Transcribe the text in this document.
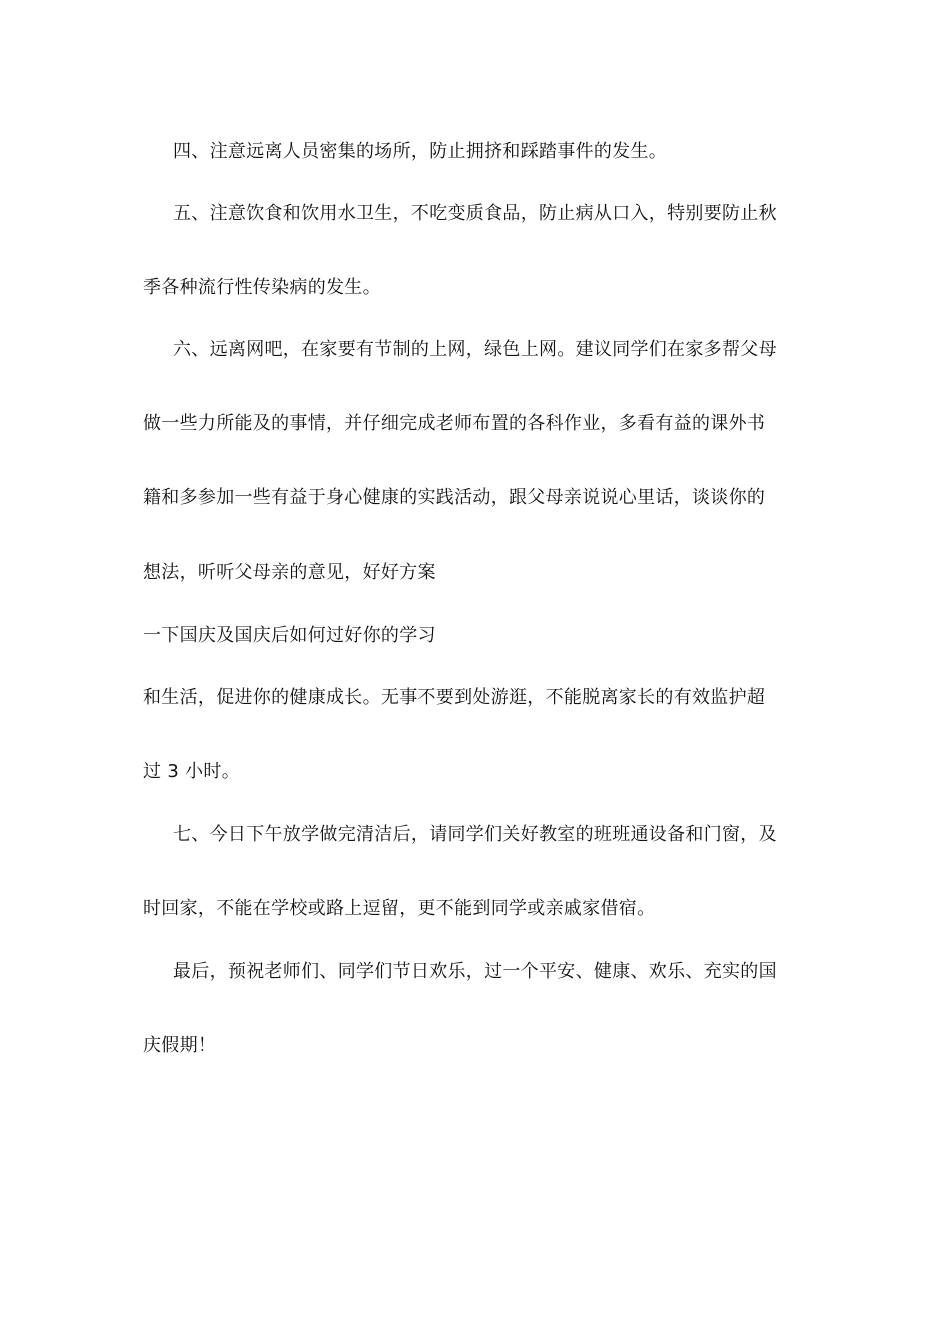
四、注意远离人员密集的场所，防止拥挤和踩踏事件的发生。
五、注意饮食和饮用水卫生，不吃变质食品，防止病从口入，特别要防止秋
季各种流行性传染病的发生。
六、远离网吧，在家要有节制的上网，绿色上网。建议同学们在家多帮父母
做一些力所能及的事情，并仔细完成老师布置的各科作业，多看有益的课外书
籍和多参加一些有益于身心健康的实践活动，跟父母亲说说心里话，谈谈你的
想法，听听父母亲的意见，好好方案
一下国庆及国庆后如何过好你的学习
和生活，促进你的健康成长。无事不要到处游逛，不能脱离家长的有效监护超
过 3 小时。
七、今日下午放学做完清洁后，请同学们关好教室的班班通设备和门窗，及
时回家，不能在学校或路上逗留，更不能到同学或亲戚家借宿。
最后，预祝老师们、同学们节日欢乐，过一个平安、健康、欢乐、充实的国
庆假期！
